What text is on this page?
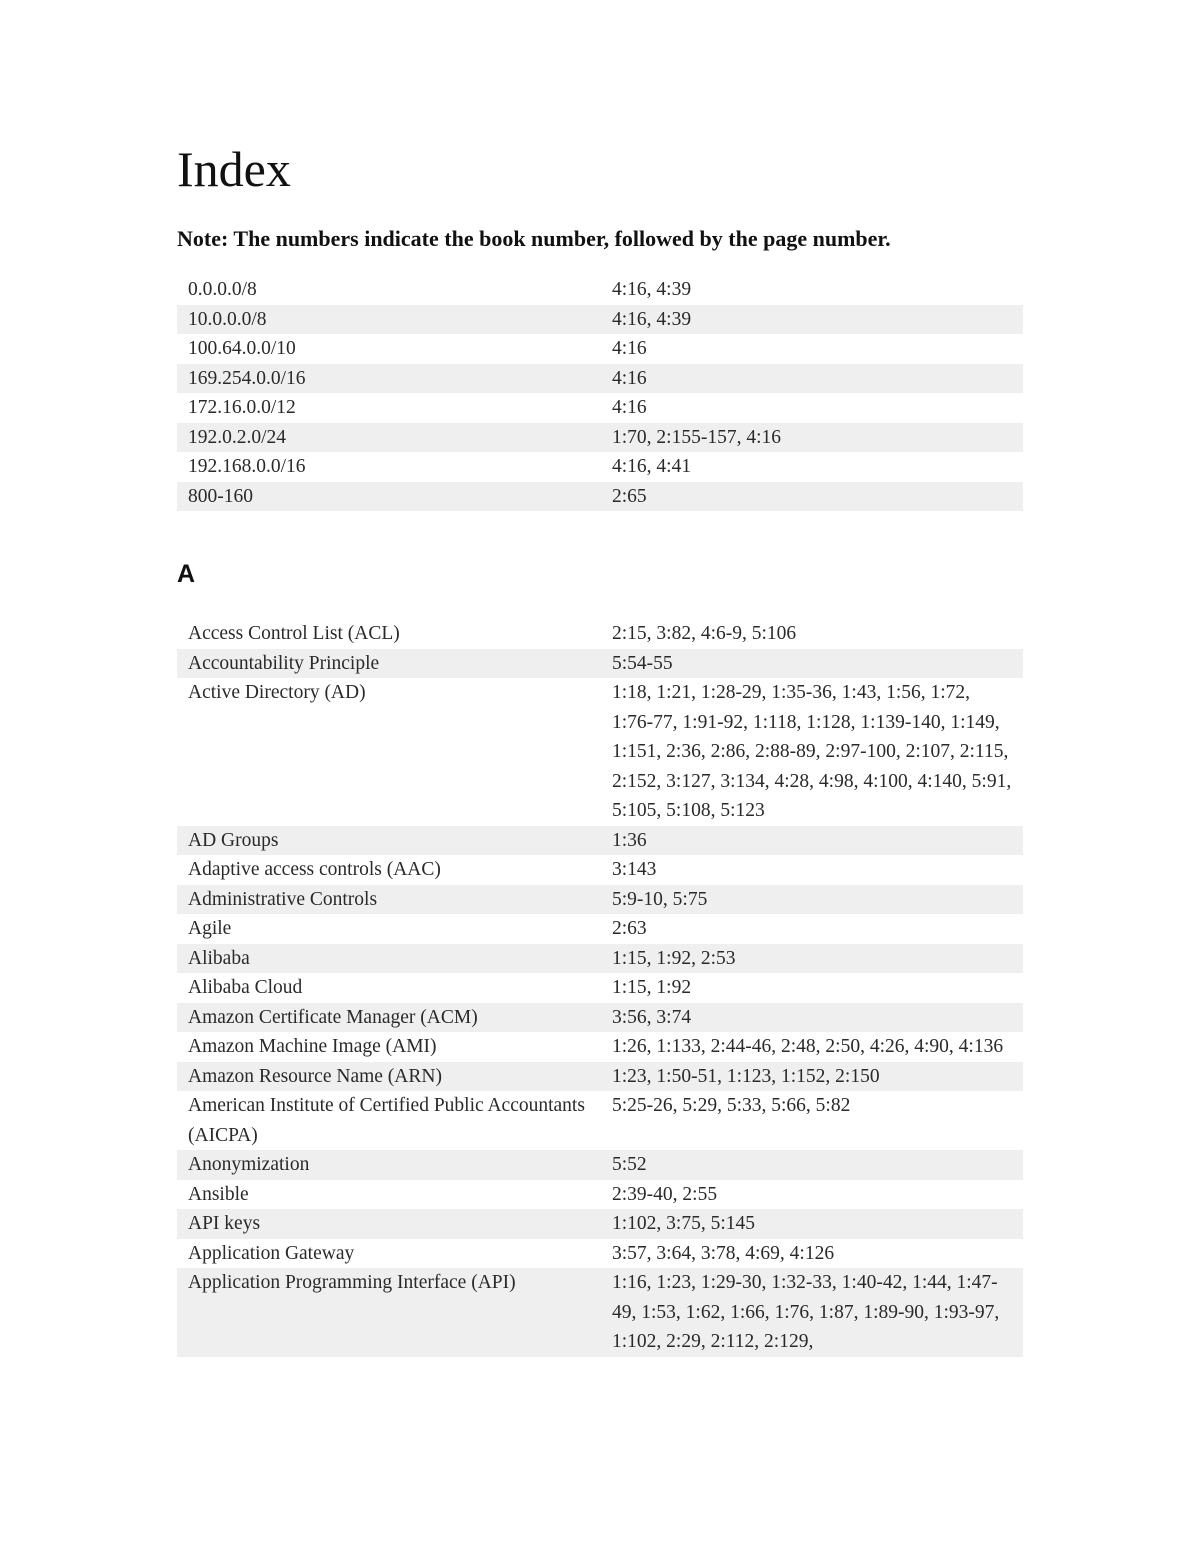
Index

Note: The numbers indicate the book number, followed by the page number.

0.0.0.0/8	4:16, 4:39
10.0.0.0/8	4:16, 4:39
100.64.0.0/10	4:16
169.254.0.0/16	4:16
172.16.0.0/12	4:16
192.0.2.0/24	1:70, 2:155-157, 4:16
192.168.0.0/16	4:16, 4:41
800-160	2:65
A
Access Control List (ACL)	2:15, 3:82, 4:6-9, 5:106
Accountability Principle	5:54-55
Active Directory (AD)	1:18, 1:21, 1:28-29, 1:35-36, 1:43, 1:56, 1:72, 1:76-77, 1:91-92, 1:118, 1:128, 1:139-140, 1:149, 1:151, 2:36, 2:86, 2:88-89, 2:97-100, 2:107, 2:115, 2:152, 3:127, 3:134, 4:28, 4:98, 4:100, 4:140, 5:91, 5:105, 5:108, 5:123
AD Groups	1:36
Adaptive access controls (AAC)	3:143
Administrative Controls	5:9-10, 5:75
Agile	2:63
Alibaba	1:15, 1:92, 2:53
Alibaba Cloud	1:15, 1:92
Amazon Certificate Manager (ACM)	3:56, 3:74
Amazon Machine Image (AMI)	1:26, 1:133, 2:44-46, 2:48, 2:50, 4:26, 4:90, 4:136
Amazon Resource Name (ARN)	1:23, 1:50-51, 1:123, 1:152, 2:150
American Institute of Certified Public Accountants (AICPA)	5:25-26, 5:29, 5:33, 5:66, 5:82
Anonymization	5:52
Ansible	2:39-40, 2:55
API keys	1:102, 3:75, 5:145
Application Gateway	3:57, 3:64, 3:78, 4:69, 4:126
Application Programming Interface (API)	1:16, 1:23, 1:29-30, 1:32-33, 1:40-42, 1:44, 1:47-49, 1:53, 1:62, 1:66, 1:76, 1:87, 1:89-90, 1:93-97, 1:102, 2:29, 2:112, 2:129,
